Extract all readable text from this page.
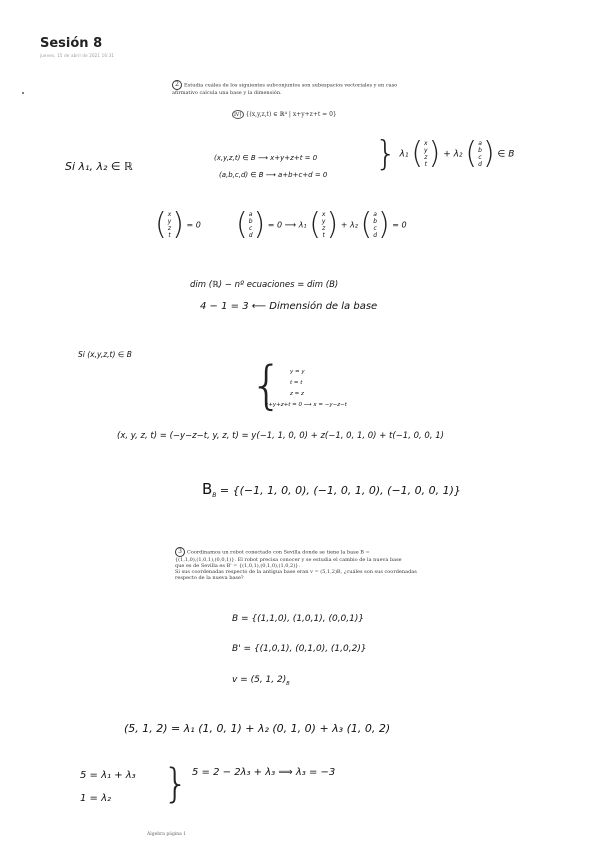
Sesión 8
jueves, 15 de abril de 2021 16:31
2 Estudia cuáles de los siguientes subconjuntos son subespacios vectoriales y en caso afirmativo calcula una base y la dimensión.
iv) {(x,y,z,t) ∈ ℝ⁴ | x+y+z+t = 0}
Si λ₁, λ₂ ∈ ℝ
(x,y,z,t) ∈ B ⟶ x+y+z+t = 0
(a,b,c,d) ∈ B ⟶ a+b+c+d = 0
} λ₁ ( x
y
z
t ) + λ₂ ( a
b
c
d ) ∈ B
( x
y
z
t ) = 0 ( a
b
c
d ) = 0 ⟶ λ₁ ( x
y
z
t ) + λ₂ ( a
b
c
d ) = 0
dim (ℝ) − nº ecuaciones = dim (B)
4 − 1 = 3 ⟵ Dimensión de la base
Si (x,y,z,t) ∈ B
{ y = y
t = t
z = z
x+y+z+t = 0 ⟶ x = −y−z−t
(x, y, z, t) = (−y−z−t, y, z, t) = y(−1, 1, 0, 0) + z(−1, 0, 1, 0) + t(−1, 0, 0, 1)
$B_B = \{(-1$, 1, 0, 0), (−1, 0, 1, 0), (−1, 0, 0, 1)}
3 Coordinamos un robot conectado con Sevilla donde se tiene la base B =
{(1,1,0),(1,0,1),(0,0,1)}. El robot precisa conocer y se estudia el cambio de la nueva base
que es de Sevilla es B' = {(1,0,1),(0,1,0),(1,0,2)}.
Si sus coordenadas respecto de la antigua base eran v = (5,1,2)B, ¿cuáles son sus coordenadas
respecto de la nueva base?
B = {(1,1,0), (1,0,1), (0,0,1)}
B' = {(1,0,1), (0,1,0), (1,0,2)}
v = (5, 1, $2)_B$
(5, 1, 2) = λ₁ (1, 0, 1) + λ₂ (0, 1, 0) + λ₃ (1, 0, 2)
5 = λ₁ + λ₃
1 = λ₂ } 5 = 2 − 2λ₃ + λ₃ ⟹ λ₃ = −3
Álgebra página 1
